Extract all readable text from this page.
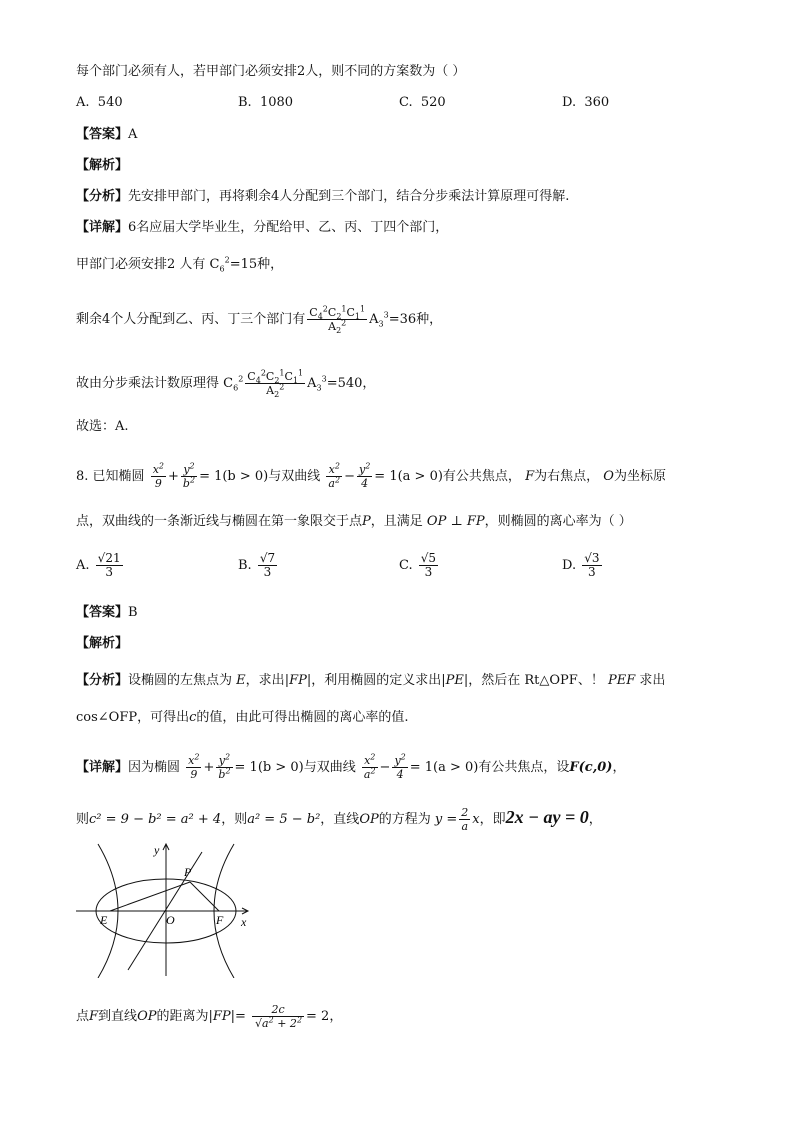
每个部门必须有人，若甲部门必须安排2人，则不同的方案数为（ ）
A. 540	B. 1080	C. 520	D. 360
【答案】A
【解析】
【分析】先安排甲部门，再将剩余4人分配到三个部门，结合分步乘法计算原理可得解.
【详解】6名应届大学毕业生，分配给甲、乙、丙、丁四个部门，
甲部门必须安排2 人有 $C_6^2=15$种，
剩余4个人分配到乙、丙、丁三个部门有 $\frac{C_4^2C_2^1C_1^1}{A_2^2} A_3^3=36$种，
故由分步乘法计数原理得 $C_6^2 \frac{C_4^2C_2^1C_1^1}{A_2^2} A_3^3=540$，
故选：A.
8. 已知椭圆 $\frac{x^2}{9} + \frac{y^2}{b^2} = 1(b > 0)$与双曲线 $\frac{x^2}{a^2} - \frac{y^2}{4} = 1(a > 0)$有公共焦点， F为右焦点， O为坐标原
点，双曲线的一条渐近线与椭圆在第一象限交于点P，且满足 OP ⊥ FP，则椭圆的离心率为（ ）
A. $\frac{√21}{3}$	B. $\frac{√7}{3}$	C. $\frac{√5}{3}$	D. $\frac{√3}{3}$
【答案】B
【解析】
【分析】设椭圆的左焦点为 E，求出|FP|，利用椭圆的定义求出|PE|，然后在 Rt△OPF、！ PEF 求出
cos∠OFP，可得出c的值，由此可得出椭圆的离心率的值.
【详解】因为椭圆 $\frac{x^2}{9} + \frac{y^2}{b^2} = 1(b > 0)$与双曲线 $\frac{x^2}{a^2} - \frac{y^2}{4} = 1(a > 0)$有公共焦点，设F(c,0)，
则c² = 9 − b² = a² + 4，则a² = 5 − b²，直线OP的方程为 $y = \frac{2}{a}$ x，即2x − ay = 0，
y
x
P
E	O	F
点F到直线OP的距离为$|FP|= \frac{2c}{√a^2 + 2^2} = 2$，
